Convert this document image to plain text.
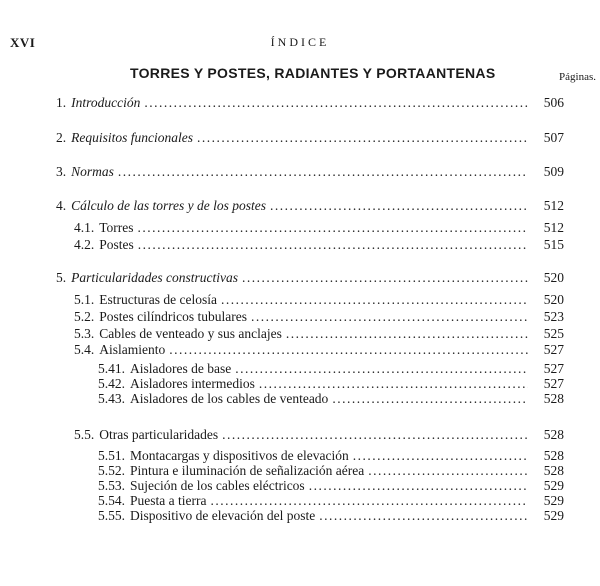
XVI	ÍNDICE
TORRES Y POSTES, RADIANTES Y PORTAANTENAS	Páginas.
1. Introducción .....	506
2. Requisitos funcionales .....	507
3. Normas .....	509
4. Cálculo de las torres y de los postes .....	512
4.1. Torres .....	512
4.2. Postes .....	515
5. Particularidades constructivas .....	520
5.1. Estructuras de celosía .....	520
5.2. Postes cilíndricos tubulares .....	523
5.3. Cables de venteado y sus anclajes .....	525
5.4. Aislamiento .....	527
5.41. Aisladores de base .....	527
5.42. Aisladores intermedios .....	527
5.43. Aisladores de los cables de venteado .....	528
5.5. Otras particularidades .....	528
5.51. Montacargas y dispositivos de elevación .....	528
5.52. Pintura e iluminación de señalización aérea .....	528
5.53. Sujeción de los cables eléctricos .....	529
5.54. Puesta a tierra .....	529
5.55. Dispositivo de elevación del poste .....	529
